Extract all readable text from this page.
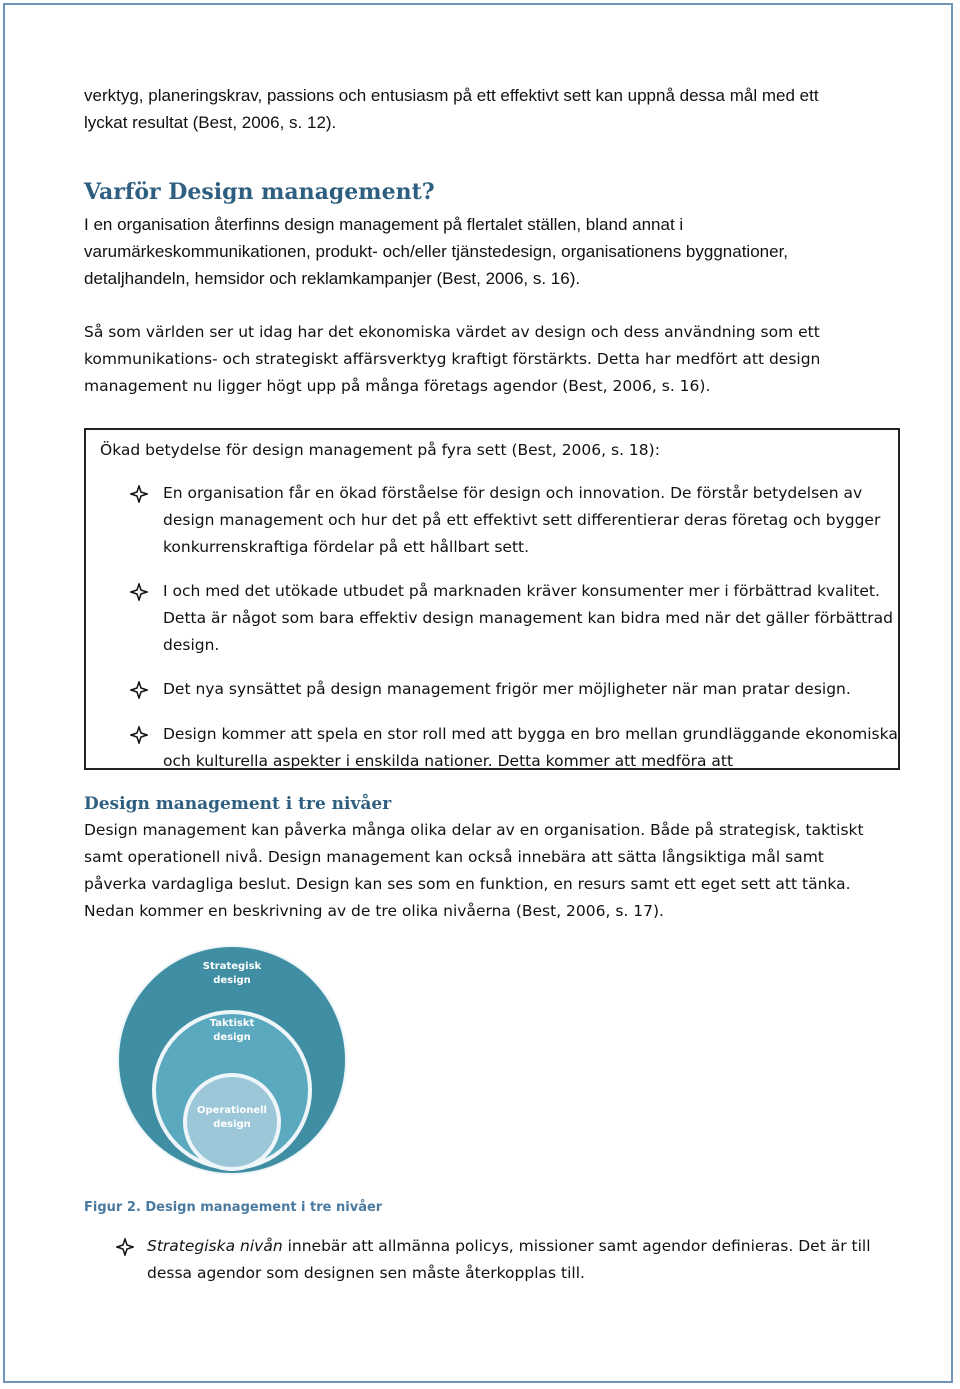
verktyg, planeringskrav, passions och entusiasm på ett effektivt sett kan uppnå dessa mål med ett

lyckat resultat (Best, 2006, s. 12).

Varför Design management?

I en organisation återfinns design management på flertalet ställen, bland annat i

varumärkeskommunikationen, produkt- och/eller tjänstedesign, organisationens byggnationer,

detaljhandeln, hemsidor och reklamkampanjer (Best, 2006, s. 16).

Så som världen ser ut idag har det ekonomiska värdet av design och dess användning som ett

kommunikations- och strategiskt affärsverktyg kraftigt förstärkts. Detta har medfört att design

management nu ligger högt upp på många företags agendor (Best, 2006, s. 16).

Ökad betydelse för design management på fyra sett (Best, 2006, s. 18):
En organisation får en ökad förståelse för design och innovation. De förstår betydelsen av design management och hur det på ett effektivt sett differentierar deras företag och bygger konkurrenskraftiga fördelar på ett hållbart sett.
I och med det utökade utbudet på marknaden kräver konsumenter mer i förbättrad kvalitet. Detta är något som bara effektiv design management kan bidra med när det gäller förbättrad design.
Det nya synsättet på design management frigör mer möjligheter när man pratar design.
Design kommer att spela en stor roll med att bygga en bro mellan grundläggande ekonomiska och kulturella aspekter i enskilda nationer. Detta kommer att medföra att
Design management i tre nivåer

Design management kan påverka många olika delar av en organisation. Både på strategisk, taktiskt

samt operationell nivå. Design management kan också innebära att sätta långsiktiga mål samt

påverka vardagliga beslut. Design kan ses som en funktion, en resurs samt ett eget sett att tänka.

Nedan kommer en beskrivning av de tre olika nivåerna (Best, 2006, s. 17).

Strategisk
design
Taktiskt
design
Operationell
design
Figur 2. Design management i tre nivåer
Strategiska nivån innebär att allmänna policys, missioner samt agendor definieras. Det är till
dessa agendor som designen sen måste återkopplas till.
